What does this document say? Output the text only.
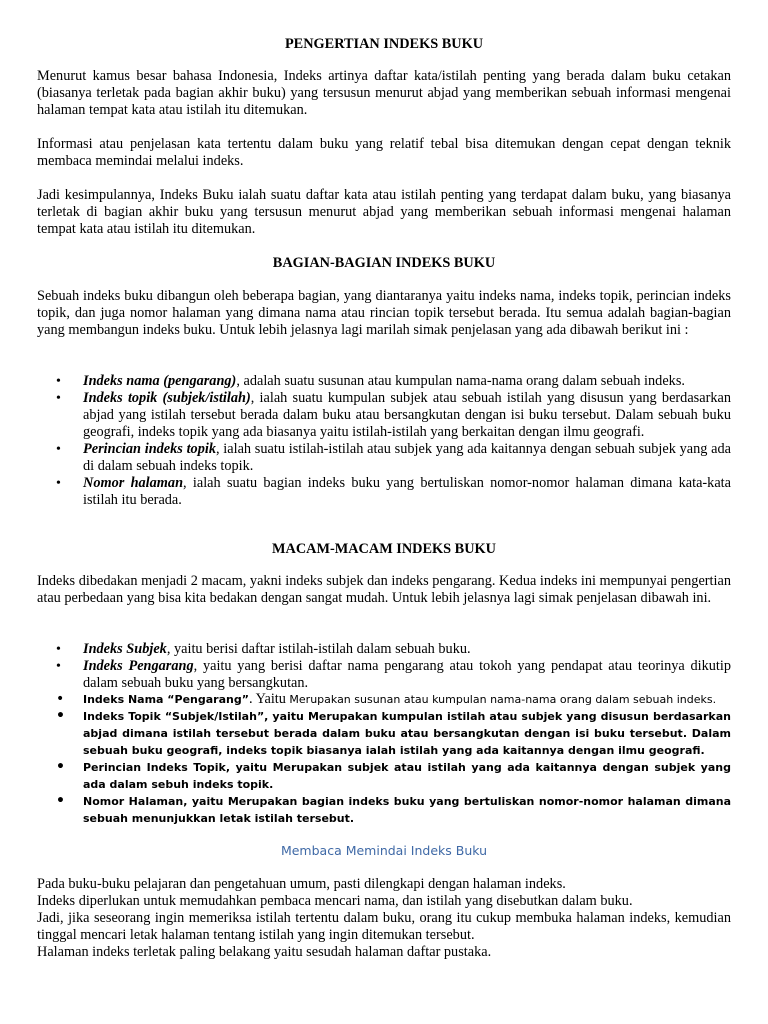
PENGERTIAN INDEKS BUKU
Menurut kamus besar bahasa Indonesia, Indeks artinya daftar kata/istilah penting yang berada dalam buku cetakan (biasanya terletak pada bagian akhir buku) yang tersusun menurut abjad yang memberikan sebuah informasi mengenai halaman tempat kata atau istilah itu ditemukan.
Informasi atau penjelasan kata tertentu dalam buku yang relatif tebal bisa ditemukan dengan cepat dengan teknik membaca memindai melalui indeks.
Jadi kesimpulannya, Indeks Buku ialah suatu daftar kata atau istilah penting yang terdapat dalam buku, yang biasanya terletak di bagian akhir buku yang tersusun menurut abjad yang memberikan sebuah informasi mengenai halaman tempat kata atau istilah itu ditemukan.
BAGIAN-BAGIAN INDEKS BUKU
Sebuah indeks buku dibangun oleh beberapa bagian, yang diantaranya yaitu indeks nama, indeks topik, perincian indeks topik, dan juga nomor halaman yang dimana nama atau rincian topik tersebut berada. Itu semua adalah bagian-bagian yang membangun indeks buku. Untuk lebih jelasnya lagi marilah simak penjelasan yang ada dibawah berikut ini :
• Indeks nama (pengarang), adalah suatu susunan atau kumpulan nama-nama orang dalam sebuah indeks.
• Indeks topik (subjek/istilah), ialah suatu kumpulan subjek atau sebuah istilah yang disusun yang berdasarkan abjad yang istilah tersebut berada dalam buku atau bersangkutan dengan isi buku tersebut. Dalam sebuah buku geografi, indeks topik yang ada biasanya yaitu istilah-istilah yang berkaitan dengan ilmu geografi.
• Perincian indeks topik, ialah suatu istilah-istilah atau subjek yang ada kaitannya dengan sebuah subjek yang ada di dalam sebuah indeks topik.
• Nomor halaman, ialah suatu bagian indeks buku yang bertuliskan nomor-nomor halaman dimana kata-kata istilah itu berada.
MACAM-MACAM INDEKS BUKU
Indeks dibedakan menjadi 2 macam, yakni indeks subjek dan indeks pengarang. Kedua indeks ini mempunyai pengertian atau perbedaan yang bisa kita bedakan dengan sangat mudah. Untuk lebih jelasnya lagi simak penjelasan dibawah ini.
• Indeks Subjek, yaitu berisi daftar istilah-istilah dalam sebuah buku.
• Indeks Pengarang, yaitu yang berisi daftar nama pengarang atau tokoh yang pendapat atau teorinya dikutip dalam sebuah buku yang bersangkutan.
• Indeks Nama “Pengarang”. Yaitu Merupakan susunan atau kumpulan nama-nama orang dalam sebuah indeks.
• Indeks Topik “Subjek/Istilah”, yaitu Merupakan kumpulan istilah atau subjek yang disusun berdasarkan abjad dimana istilah tersebut berada dalam buku atau bersangkutan dengan isi buku tersebut. Dalam sebuah buku geografi, indeks topik biasanya ialah istilah yang ada kaitannya dengan ilmu geografi.
• Perincian Indeks Topik, yaitu Merupakan subjek atau istilah yang ada kaitannya dengan subjek yang ada dalam sebuh indeks topik.
• Nomor Halaman, yaitu Merupakan bagian indeks buku yang bertuliskan nomor-nomor halaman dimana sebuah menunjukkan letak istilah tersebut.
Membaca Memindai Indeks Buku
Pada buku-buku pelajaran dan pengetahuan umum, pasti dilengkapi dengan halaman indeks.
Indeks diperlukan untuk memudahkan pembaca mencari nama, dan istilah yang disebutkan dalam buku.
Jadi, jika seseorang ingin memeriksa istilah tertentu dalam buku, orang itu cukup membuka halaman indeks, kemudian tinggal mencari letak halaman tentang istilah yang ingin ditemukan tersebut.
Halaman indeks terletak paling belakang yaitu sesudah halaman daftar pustaka.
